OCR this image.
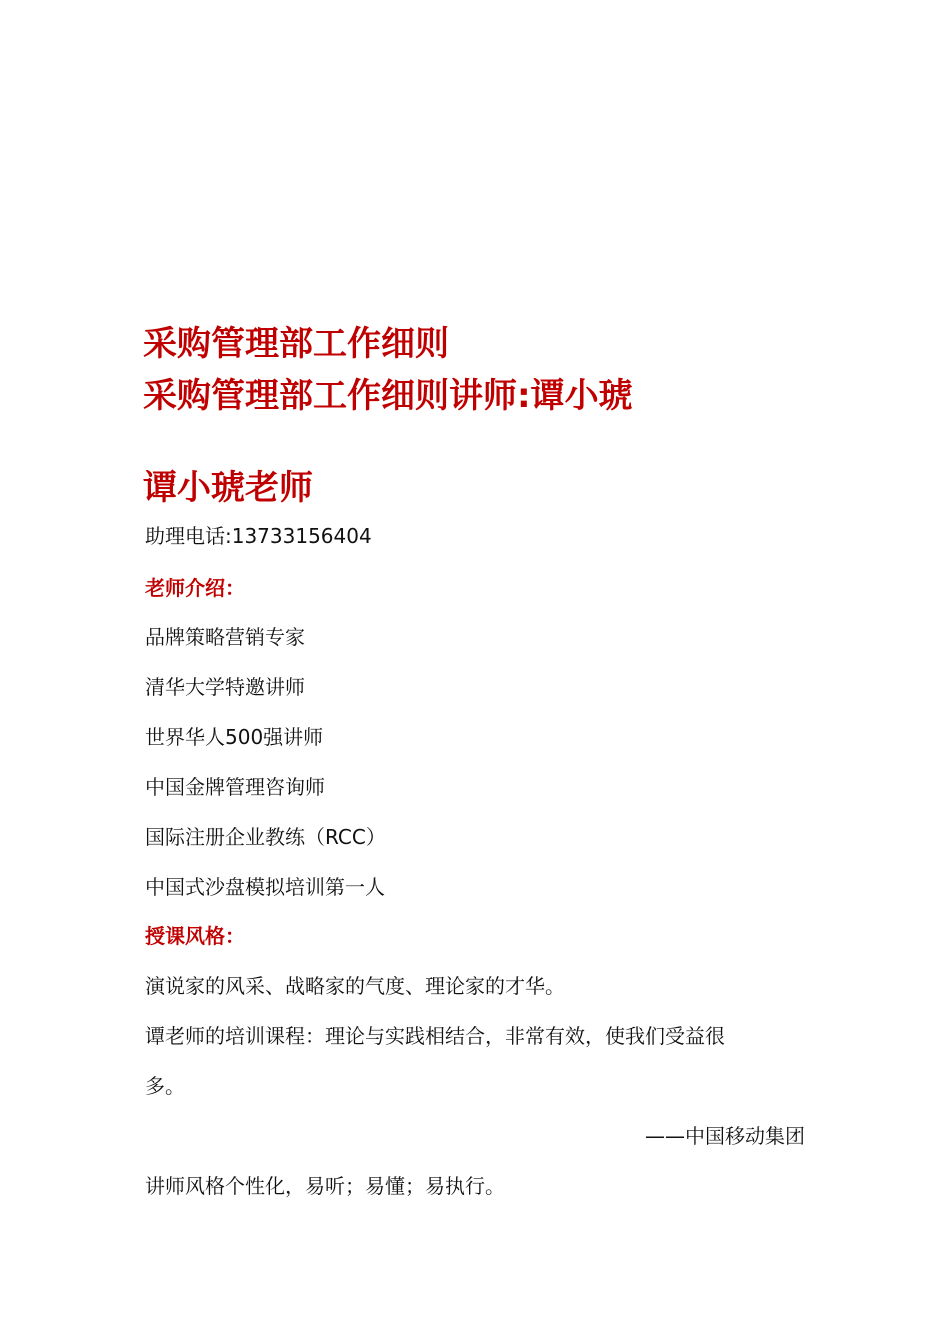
采购管理部工作细则
采购管理部工作细则讲师:谭小琥
谭小琥老师
助理电话:13733156404
老师介绍：
品牌策略营销专家
清华大学特邀讲师
世界华人500强讲师
中国金牌管理咨询师
国际注册企业教练（RCC）
中国式沙盘模拟培训第一人
授课风格：
演说家的风采、战略家的气度、理论家的才华。
谭老师的培训课程：理论与实践相结合，非常有效，使我们受益很
多。
——中国移动集团
讲师风格个性化，易听；易懂；易执行。
